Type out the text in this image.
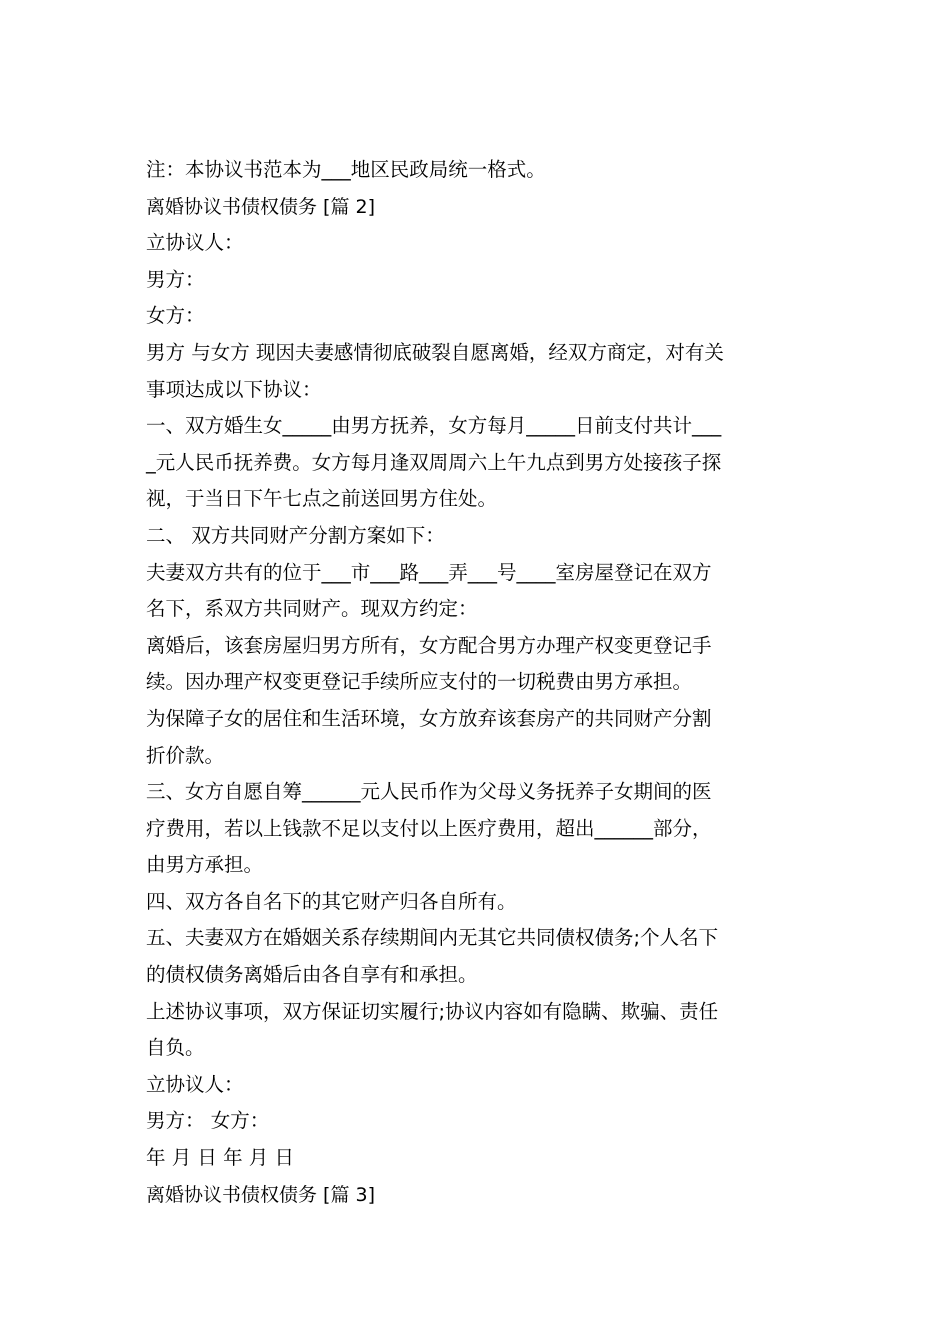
注：本协议书范本为___地区民政局统一格式。

离婚协议书债权债务 [篇 2]

立协议人：

男方：

女方：

男方 与女方 现因夫妻感情彻底破裂自愿离婚，经双方商定，对有关

事项达成以下协议：

一、双方婚生女_____由男方抚养，女方每月_____日前支付共计___

_元人民币抚养费。女方每月逢双周周六上午九点到男方处接孩子探

视，于当日下午七点之前送回男方住处。

二、 双方共同财产分割方案如下：

夫妻双方共有的位于___市___路___弄___号____室房屋登记在双方

名下，系双方共同财产。现双方约定：

离婚后，该套房屋归男方所有，女方配合男方办理产权变更登记手

续。因办理产权变更登记手续所应支付的一切税费由男方承担。

为保障子女的居住和生活环境，女方放弃该套房产的共同财产分割

折价款。

三、女方自愿自筹______元人民币作为父母义务抚养子女期间的医

疗费用，若以上钱款不足以支付以上医疗费用，超出______部分，

由男方承担。

四、双方各自名下的其它财产归各自所有。

五、夫妻双方在婚姻关系存续期间内无其它共同债权债务;个人名下

的债权债务离婚后由各自享有和承担。

上述协议事项，双方保证切实履行;协议内容如有隐瞒、欺骗、责任

自负。

立协议人：

男方： 女方：

年 月 日 年 月 日

离婚协议书债权债务 [篇 3]
